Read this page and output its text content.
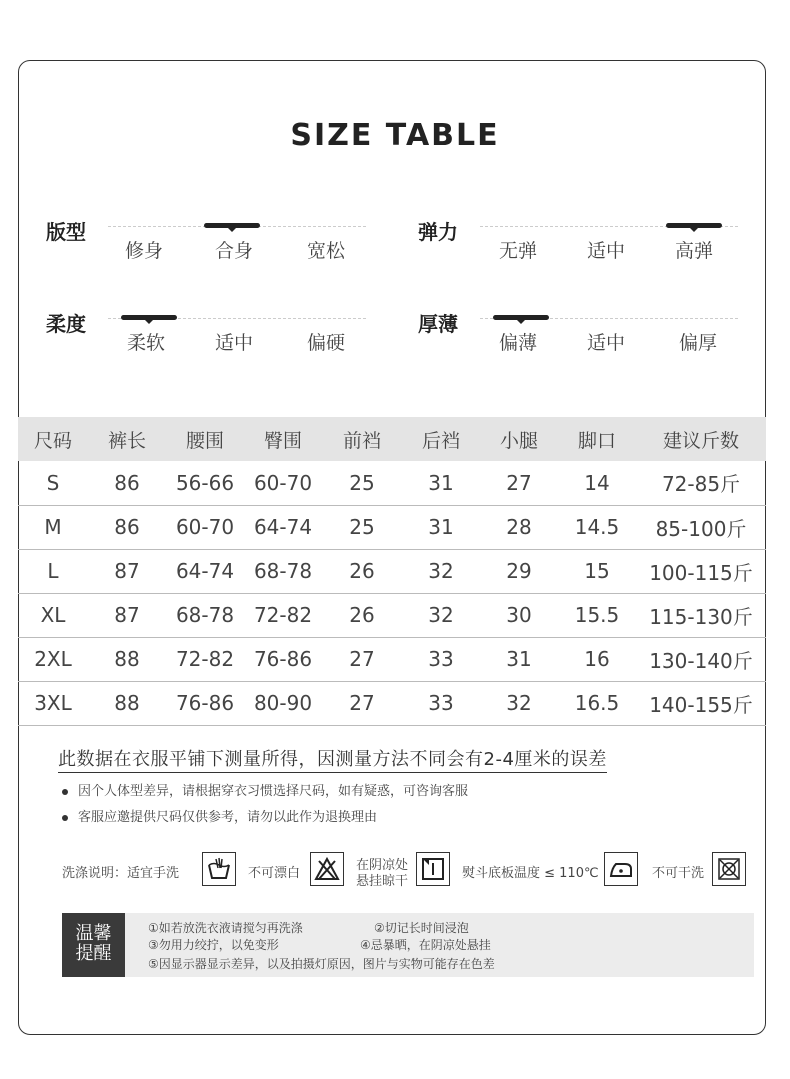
SIZE TABLE
版型
修身	合身	宽松
弹力
无弹	适中	高弹
柔度
柔软	适中	偏硬
厚薄
偏薄	适中	偏厚
尺码	裤长	腰围	臀围	前裆	后裆	小腿	脚口	建议斤数
S	86	56-66	60-70	25	31	27	14	72-85斤
M	86	60-70	64-74	25	31	28	14.5	85-100斤
L	87	64-74	68-78	26	32	29	15	100-115斤
XL	87	68-78	72-82	26	32	30	15.5	115-130斤
2XL	88	72-82	76-86	27	33	31	16	130-140斤
3XL	88	76-86	80-90	27	33	32	16.5	140-155斤
此数据在衣服平铺下测量所得，因测量方法不同会有2-4厘米的误差
因个人体型差异，请根据穿衣习惯选择尺码，如有疑惑，可咨询客服
客服应邀提供尺码仅供参考，请勿以此作为退换理由
洗涤说明：适宜手洗	不可漂白
在阴凉处
悬挂晾干
熨斗底板温度 ≤ 110℃	不可干洗
温馨
提醒
①如若放洗衣液请搅匀再洗涤	②切记长时间浸泡
③勿用力绞拧，以免变形	④忌暴晒，在阴凉处悬挂
⑤因显示器显示差异，以及拍摄灯原因，图片与实物可能存在色差
